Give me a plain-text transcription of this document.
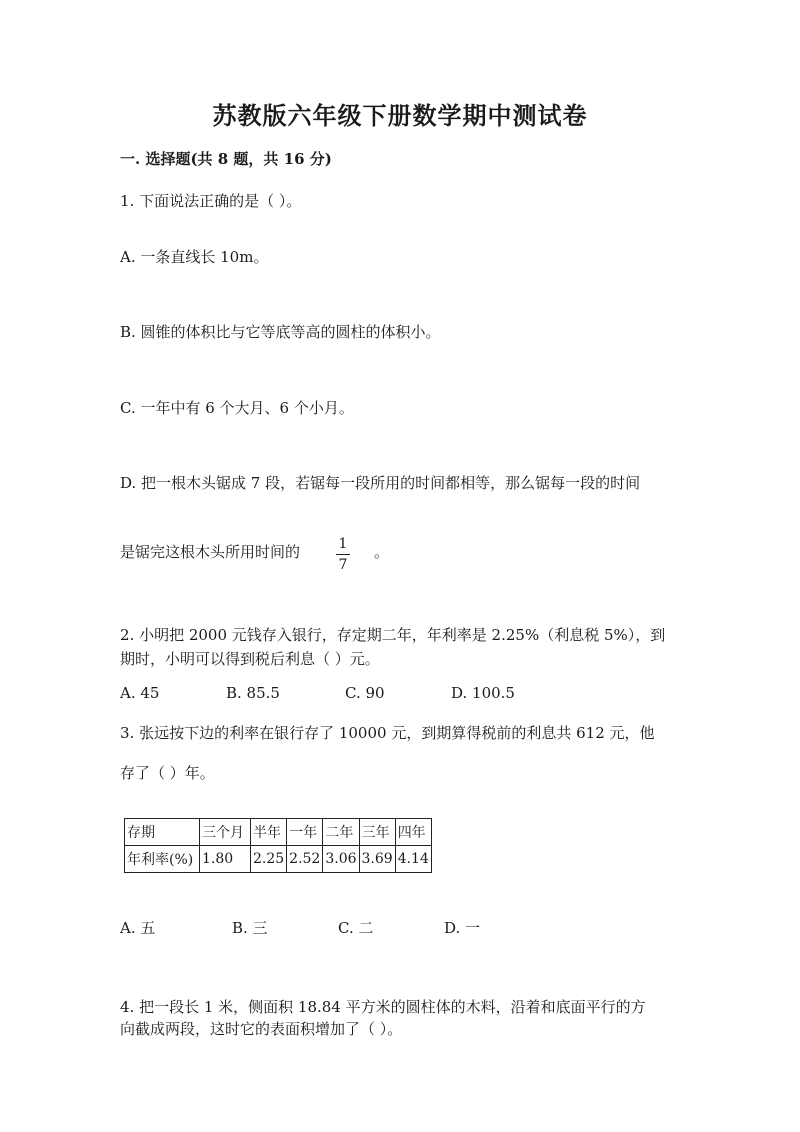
苏教版六年级下册数学期中测试卷
一. 选择题(共 8 题，共 16 分)
1. 下面说法正确的是（ ）。
A. 一条直线长 10m。
B. 圆锥的体积比与它等底等高的圆柱的体积小。
C. 一年中有 6 个大月、6 个小月。
D. 把一根木头锯成 7 段，若锯每一段所用的时间都相等，那么锯每一段的时间
是锯完这根木头所用时间的	1
7
。
2. 小明把 2000 元钱存入银行，存定期二年，年利率是 2.25%（利息税 5%），到
期时，小明可以得到税后利息（ ）元。
A. 45	B. 85.5	C. 90	D. 100.5
3. 张远按下边的利率在银行存了 10000 元，到期算得税前的利息共 612 元，他
存了（ ）年。
存期	三个月	半年	一年	二年	三年	四年
年利率(%)	1.80	2.25	2.52	3.06	3.69	4.14
A. 五	B. 三	C. 二	D. 一
4. 把一段长 1 米，侧面积 18.84 平方米的圆柱体的木料，沿着和底面平行的方
向截成两段，这时它的表面积增加了（ ）。
